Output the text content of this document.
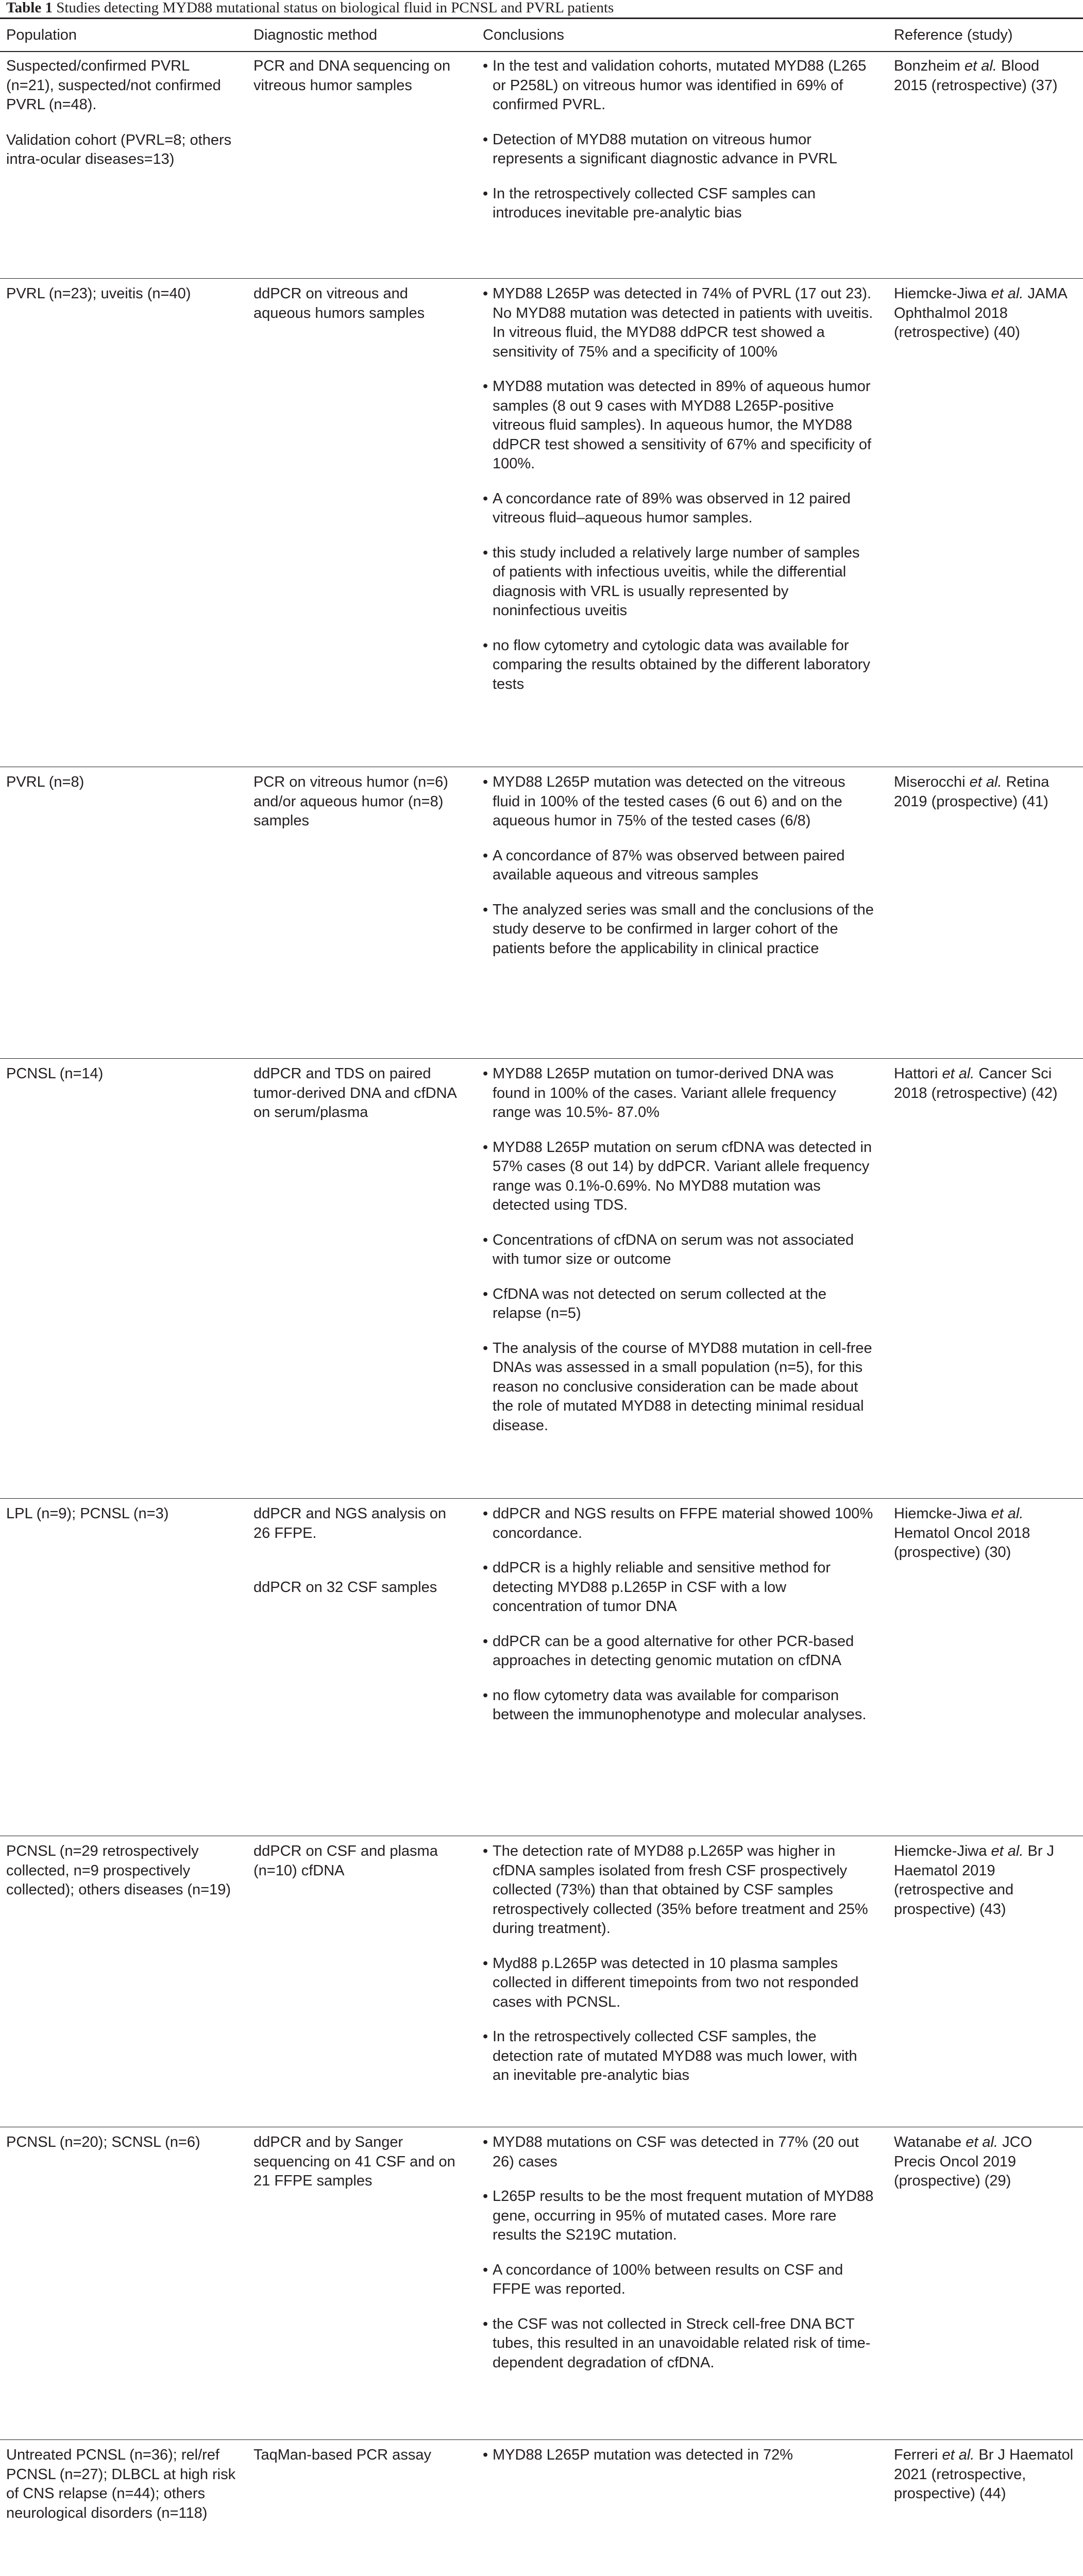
Table 1 Studies detecting MYD88 mutational status on biological fluid in PCNSL and PVRL patients
Population	Diagnostic method	Conclusions	Reference (study)

Suspected/confirmed PVRL (n=21), suspected/not confirmed PVRL (n=48).

Validation cohort (PVRL=8; others intra-ocular diseases=13)

PCR and DNA sequencing on vitreous humor samples

• In the test and validation cohorts, mutated MYD88 (L265 or P258L) on vitreous humor was identified in 69% of confirmed PVRL.
• Detection of MYD88 mutation on vitreous humor represents a significant diagnostic advance in PVRL
• In the retrospectively collected CSF samples can introduces inevitable pre-analytic bias
Bonzheim et al. Blood 2015 (retrospective) (37)

PVRL (n=23); uveitis (n=40)	ddPCR on vitreous and aqueous humors samples

• MYD88 L265P was detected in 74% of PVRL (17 out 23). No MYD88 mutation was detected in patients with uveitis. In vitreous fluid, the MYD88 ddPCR test showed a sensitivity of 75% and a specificity of 100%
• MYD88 mutation was detected in 89% of aqueous humor samples (8 out 9 cases with MYD88 L265P-positive vitreous fluid samples). In aqueous humor, the MYD88 ddPCR test showed a sensitivity of 67% and specificity of 100%.
• A concordance rate of 89% was observed in 12 paired vitreous fluid–aqueous humor samples.
• this study included a relatively large number of samples of patients with infectious uveitis, while the differential diagnosis with VRL is usually represented by noninfectious uveitis
• no flow cytometry and cytologic data was available for comparing the results obtained by the different laboratory tests
Hiemcke-Jiwa et al. JAMA Ophthalmol 2018 (retrospective) (40)

PVRL (n=8)	PCR on vitreous humor (n=6) and/or aqueous humor (n=8) samples

• MYD88 L265P mutation was detected on the vitreous fluid in 100% of the tested cases (6 out 6) and on the aqueous humor in 75% of the tested cases (6/8)
• A concordance of 87% was observed between paired available aqueous and vitreous samples
• The analyzed series was small and the conclusions of the study deserve to be confirmed in larger cohort of the patients before the applicability in clinical practice
Miserocchi et al. Retina 2019 (prospective) (41)

PCNSL (n=14)	ddPCR and TDS on paired tumor-derived DNA and cfDNA on serum/plasma

• MYD88 L265P mutation on tumor-derived DNA was found in 100% of the cases. Variant allele frequency range was 10.5%- 87.0%
• MYD88 L265P mutation on serum cfDNA was detected in 57% cases (8 out 14) by ddPCR. Variant allele frequency range was 0.1%-0.69%. No MYD88 mutation was detected using TDS.
• Concentrations of cfDNA on serum was not associated with tumor size or outcome
• CfDNA was not detected on serum collected at the relapse (n=5)
• The analysis of the course of MYD88 mutation in cell-free DNAs was assessed in a small population (n=5), for this reason no conclusive consideration can be made about the role of mutated MYD88 in detecting minimal residual disease.
Hattori et al. Cancer Sci 2018 (retrospective) (42)

LPL (n=9); PCNSL (n=3)	ddPCR and NGS analysis on 26 FFPE.

ddPCR on 32 CSF samples

• ddPCR and NGS results on FFPE material showed 100% concordance.
• ddPCR is a highly reliable and sensitive method for detecting MYD88 p.L265P in CSF with a low concentration of tumor DNA
• ddPCR can be a good alternative for other PCR-based approaches in detecting genomic mutation on cfDNA
• no flow cytometry data was available for comparison between the immunophenotype and molecular analyses.
Hiemcke-Jiwa et al. Hematol Oncol 2018 (prospective) (30)

PCNSL (n=29 retrospectively collected, n=9 prospectively collected); others diseases (n=19)

ddPCR on CSF and plasma (n=10) cfDNA

• The detection rate of MYD88 p.L265P was higher in cfDNA samples isolated from fresh CSF prospectively collected (73%) than that obtained by CSF samples retrospectively collected (35% before treatment and 25% during treatment).
• Myd88 p.L265P was detected in 10 plasma samples collected in different timepoints from two not responded cases with PCNSL.
• In the retrospectively collected CSF samples, the detection rate of mutated MYD88 was much lower, with an inevitable pre-analytic bias
Hiemcke-Jiwa et al. Br J Haematol 2019 (retrospective and prospective) (43)

PCNSL (n=20); SCNSL (n=6)	ddPCR and by Sanger sequencing on 41 CSF and on 21 FFPE samples

• MYD88 mutations on CSF was detected in 77% (20 out 26) cases
• L265P results to be the most frequent mutation of MYD88 gene, occurring in 95% of mutated cases. More rare results the S219C mutation.
• A concordance of 100% between results on CSF and FFPE was reported.
• the CSF was not collected in Streck cell-free DNA BCT tubes, this resulted in an unavoidable related risk of time-dependent degradation of cfDNA.
Watanabe et al. JCO Precis Oncol 2019 (prospective) (29)

Untreated PCNSL (n=36); rel/ref PCNSL (n=27); DLBCL at high risk of CNS relapse (n=44); others neurological disorders (n=118)

TaqMan-based PCR assay

•	MYD88 L265P mutation was detected in 72%	Ferreri et al. Br J Haematol 2021 (retrospective, prospective) (44)
